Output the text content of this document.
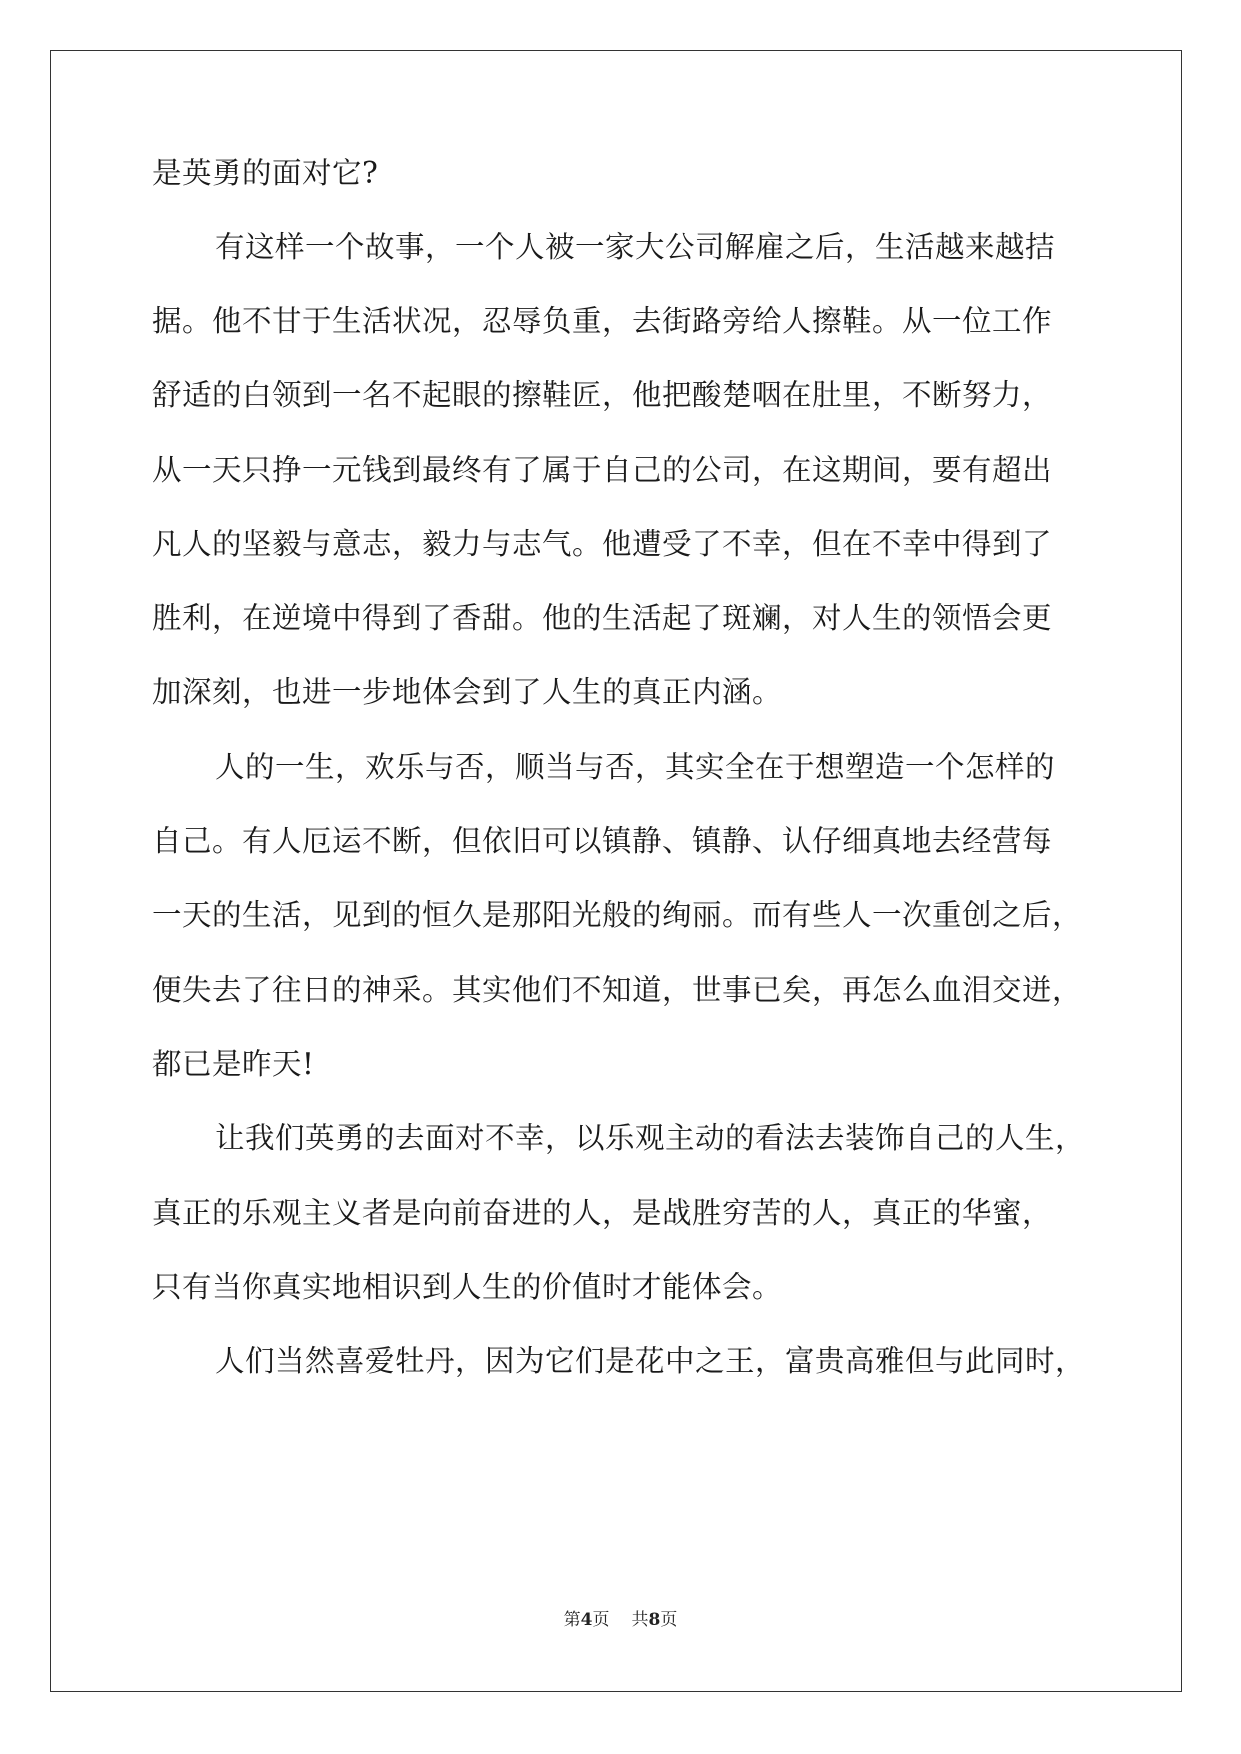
是英勇的面对它?
有这样一个故事，一个人被一家大公司解雇之后，生活越来越拮
据。他不甘于生活状况，忍辱负重，去街路旁给人擦鞋。从一位工作
舒适的白领到一名不起眼的擦鞋匠，他把酸楚咽在肚里，不断努力，
从一天只挣一元钱到最终有了属于自己的公司，在这期间，要有超出
凡人的坚毅与意志，毅力与志气。他遭受了不幸，但在不幸中得到了
胜利，在逆境中得到了香甜。他的生活起了斑斓，对人生的领悟会更
加深刻，也进一步地体会到了人生的真正内涵。
人的一生，欢乐与否，顺当与否，其实全在于想塑造一个怎样的
自己。有人厄运不断，但依旧可以镇静、镇静、认仔细真地去经营每
一天的生活，见到的恒久是那阳光般的绚丽。而有些人一次重创之后，
便失去了往日的神采。其实他们不知道，世事已矣，再怎么血泪交迸，
都已是昨天!
让我们英勇的去面对不幸，以乐观主动的看法去装饰自己的人生，
真正的乐观主义者是向前奋进的人，是战胜穷苦的人，真正的华蜜，
只有当你真实地相识到人生的价值时才能体会。
人们当然喜爱牡丹，因为它们是花中之王，富贵高雅但与此同时，
第4页 共8页
